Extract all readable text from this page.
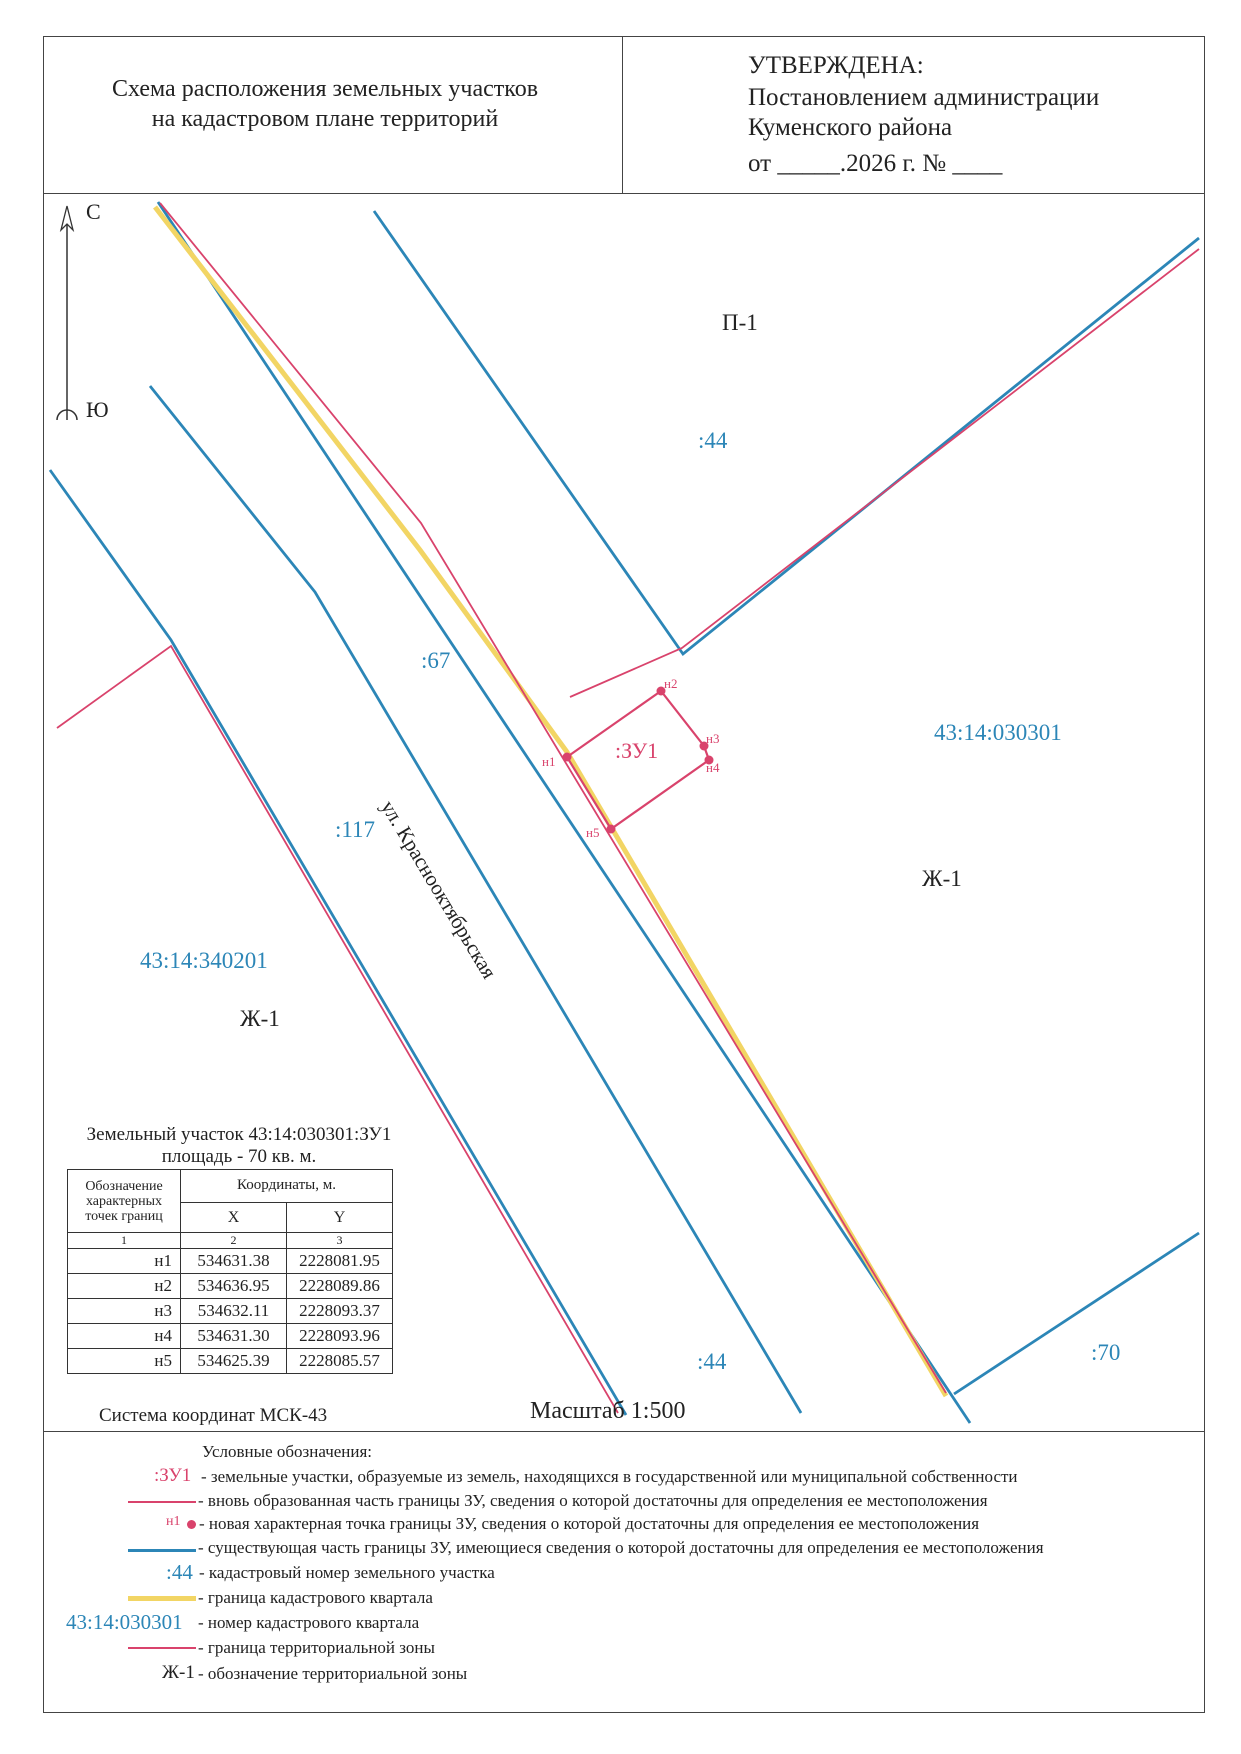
Схема расположения земельных участков
на кадастровом плане территорий
УТВЕРЖДЕНА:
Постановлением администрации
Куменского района
от _____.2026 г. № ____
С
Ю
П-1
:44
:67
:117
:44	:70
43:14:030301
43:14:340201
Ж-1
Ж-1
ул. Краснооктябрьская
:ЗУ1
н1
н2
н3
н4
н5
Земельный участок 43:14:030301:ЗУ1
площадь - 70 кв. м.
Обозначение характерных точек границ	Координаты, м.	
	X	Y
1	2	3
н1	534631.38	2228081.95
н2	534636.95	2228089.86
н3	534632.11	2228093.37
н4	534631.30	2228093.96
н5	534625.39	2228085.57
Система координат МСК-43	Масштаб 1:500
Условные обозначения:
:ЗУ1 - земельные участки, образуемые из земель, находящихся в государственной или муниципальной собственности
- вновь образованная часть границы ЗУ, сведения о которой достаточны для определения ее местоположения
н1 - новая характерная точка границы ЗУ, сведения о которой достаточны для определения ее местоположения
- существующая часть границы ЗУ, имеющиеся сведения о которой достаточны для определения ее местоположения
:44 - кадастровый номер земельного участка
- граница кадастрового квартала
43:14:030301 - номер кадастрового квартала
- граница территориальной зоны
Ж-1 - обозначение территориальной зоны
